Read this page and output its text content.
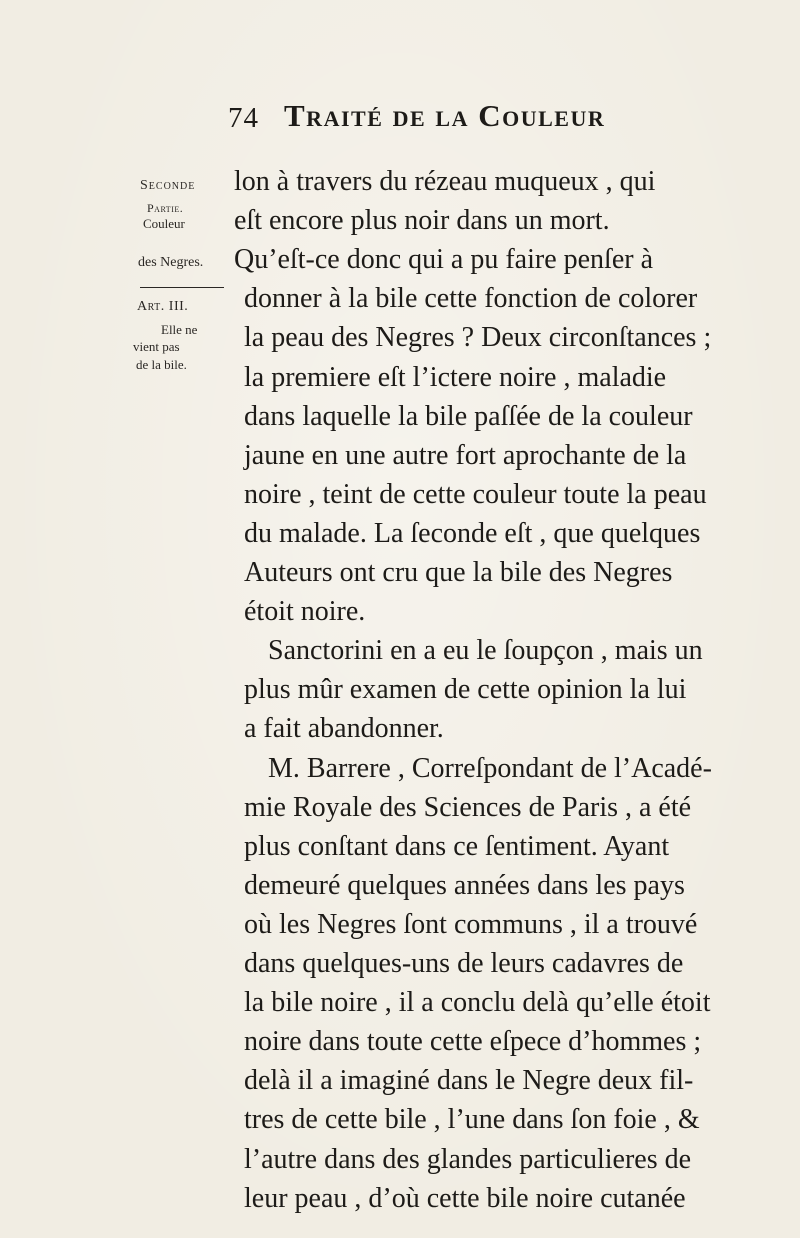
74 Traité de la Couleur
Seconde
Partie.
Couleur
des Negres.
Art. III.
Elle ne
vient pas
de la bile.
lon à travers du rézeau muqueux , qui
eſt encore plus noir dans un mort.
Qu’eſt-ce donc qui a pu faire penſer à
donner à la bile cette fonction de colorer
la peau des Negres ? Deux circonſtances ;
la premiere eſt l’ictere noire , maladie
dans laquelle la bile paſſée de la couleur
jaune en une autre fort aprochante de la
noire , teint de cette couleur toute la peau
du malade. La ſeconde eſt , que quelques
Auteurs ont cru que la bile des Negres
étoit noire.
Sanctorini en a eu le ſoupçon , mais un
plus mûr examen de cette opinion la lui
a fait abandonner.
M. Barrere , Correſpondant de l’Acadé-
mie Royale des Sciences de Paris , a été
plus conſtant dans ce ſentiment. Ayant
demeuré quelques années dans les pays
où les Negres ſont communs , il a trouvé
dans quelques-uns de leurs cadavres de
la bile noire , il a conclu delà qu’elle étoit
noire dans toute cette eſpece d’hommes ;
delà il a imaginé dans le Negre deux fil-
tres de cette bile , l’une dans ſon foie , &
l’autre dans des glandes particulieres de
leur peau , d’où cette bile noire cutanée
